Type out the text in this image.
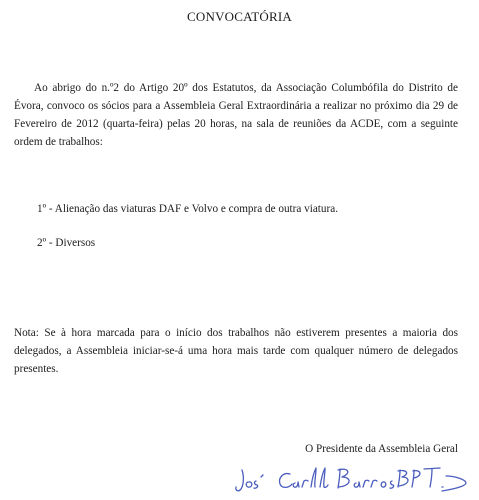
CONVOCATÓRIA

Ao abrigo do n.º2 do Artigo 20º dos Estatutos, da Associação Columbófila do Distrito de Évora, convoco os sócios para a Assembleia Geral Extraordinária a realizar no próximo dia 29 de Fevereiro de 2012 (quarta-feira) pelas 20 horas, na sala de reuniões da ACDE, com a seguinte ordem de trabalhos:

1º - Alienação das viaturas DAF e Volvo e compra de outra viatura.

2º - Diversos

Nota: Se à hora marcada para o início dos trabalhos não estiverem presentes a maioria dos delegados, a Assembleia iniciar-se-á uma hora mais tarde com qualquer número de delegados presentes.

O Presidente da Assembleia Geral
